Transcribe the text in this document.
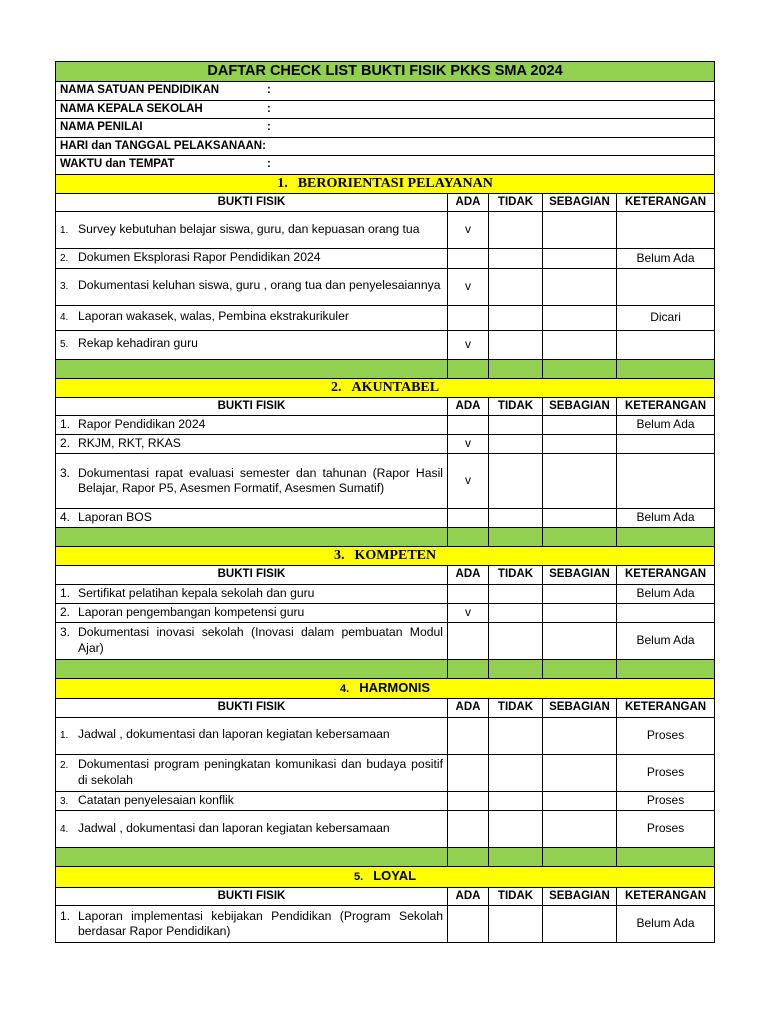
DAFTAR CHECK LIST BUKTI FISIK PKKS SMA 2024				
NAMA SATUAN PENDIDIKAN :				
NAMA KEPALA SEKOLAH :				
NAMA PENILAI :				
HARI dan TANGGAL PELAKSANAAN:				
WAKTU dan TEMPAT :				
1. BERORIENTASI PELAYANAN				
BUKTI FISIK	ADA	TIDAK	SEBAGIAN	KETERANGAN

1. Survey kebutuhan belajar siswa, guru, dan kepuasan orang tua	v			

2. Dokumen Eksplorasi Rapor Pendidikan 2024				Belum Ada

3. Dokumentasi keluhan siswa, guru , orang tua dan penyelesaiannya	v			

4. Laporan wakasek, walas, Pembina ekstrakurikuler				Dicari

5. Rekap kehadiran guru	v			

2. AKUNTABEL				
BUKTI FISIK	ADA	TIDAK	SEBAGIAN	KETERANGAN

1. Rapor Pendidikan 2024				Belum Ada

2. RKJM, RKT, RKAS	v			

3. Dokumentasi rapat evaluasi semester dan tahunan (Rapor Hasil Belajar, Rapor P5, Asesmen Formatif, Asesmen Sumatif)	v			

4. Laporan BOS				Belum Ada

3. KOMPETEN				
BUKTI FISIK	ADA	TIDAK	SEBAGIAN	KETERANGAN

1. Sertifikat pelatihan kepala sekolah dan guru				Belum Ada

2. Laporan pengembangan kompetensi guru	v			

3. Dokumentasi inovasi sekolah (Inovasi dalam pembuatan Modul Ajar)				Belum Ada

4. HARMONIS				
BUKTI FISIK	ADA	TIDAK	SEBAGIAN	KETERANGAN

1. Jadwal , dokumentasi dan laporan kegiatan kebersamaan				Proses

2. Dokumentasi program peningkatan komunikasi dan budaya positif di sekolah				Proses

3. Catatan penyelesaian konflik				Proses

4. Jadwal , dokumentasi dan laporan kegiatan kebersamaan				Proses

5. LOYAL				
BUKTI FISIK	ADA	TIDAK	SEBAGIAN	KETERANGAN

1. Laporan implementasi kebijakan Pendidikan (Program Sekolah berdasar Rapor Pendidikan)				Belum Ada
